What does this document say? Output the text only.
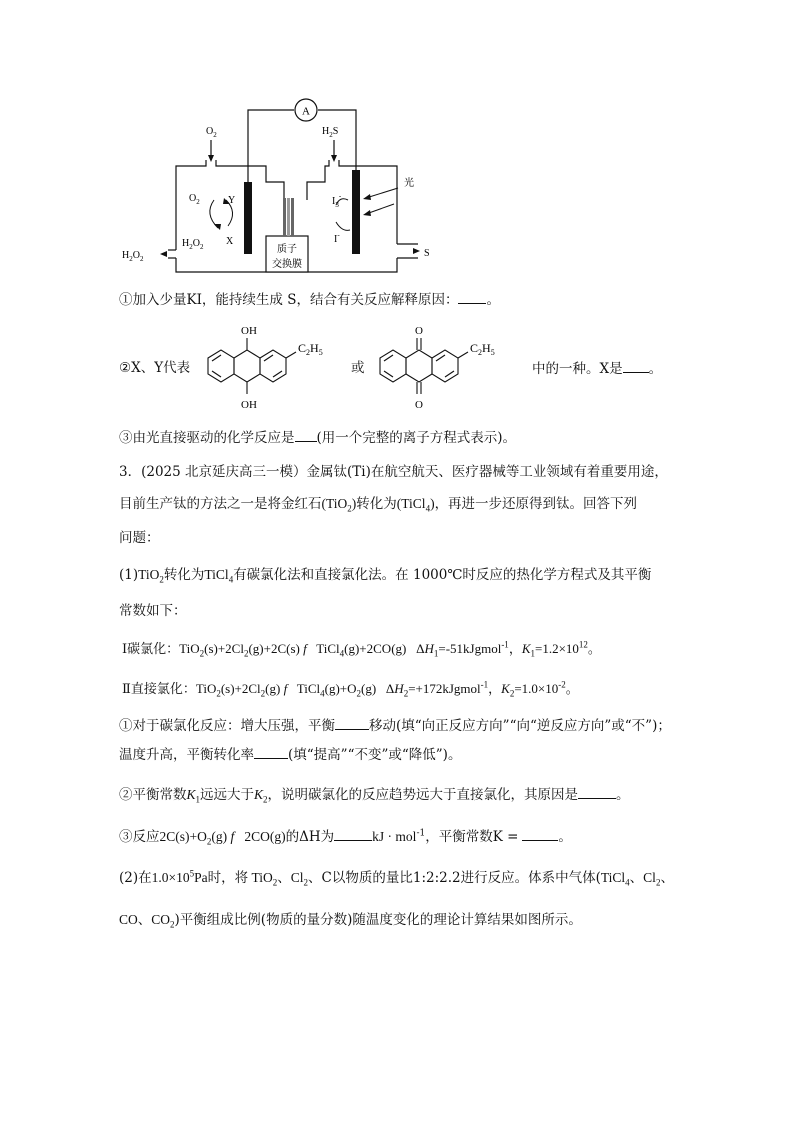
A
$O_2$	$H_2S$
$O_2$	Y
X
$H_2O_2$
$H_2O_2$
$I_3^-$
I-
光
S
质子
交换膜
①加入少量KI，能持续生成 S，结合有关反应解释原因： 。
②X、Y代表
OH
OH
$C_2H_5$
或
O
O
$C_2H_5$
中的一种。X是 。
③由光直接驱动的化学反应是 (用一个完整的离子方程式表示)。
3．(2025 北京延庆高三一模）金属钛(Ti)在航空航天、医疗器械等工业领域有着重要用途，
目前生产钛的方法之一是将金红石(TiO$_2$)转化为(TiCl$_4$)，再进一步还原得到钛。回答下列
问题：
(1)TiO$_2$转化为TiCl$_4$有碳氯化法和直接氯化法。在 1000℃时反应的热化学方程式及其平衡
常数如下：
Ⅰ碳氯化：$TiO_2(s)+2Cl_2(g)+2C(s)$ f   TiCl$_4$(g)+2CO(g)   $\Delta H_1=-51kJgmol^{-1}$，$K_1=1.2\times 10^{12}$。
Ⅱ直接氯化：$TiO_2(s)+2Cl_2(g)$ f   $TiCl_4(g)+O_2(g)$   $\Delta H_2=+172kJgmol^{-1}$，$K_2=1.0\times 10^{-2}$。
①对于碳氯化反应：增大压强，平衡	移动(填“向正反应方向”“向“逆反应方向”或“不”)；
温度升高，平衡转化率	(填“提高”“不变”或“降低”)。
②平衡常数$K_1$远远大于$K_2$，说明碳氯化的反应趋势远大于直接氯化，其原因是	。
③反应$2C(s)+O_2(g)$ f   2CO(g)的ΔH为	kJ · mol$^{-1}$，平衡常数K =	。
(2)在$1.0\times 10^5Pa$时，将 TiO$_2$、$Cl_2$、C以物质的量比1:2:2.2进行反应。体系中气体(TiCl$_4$、$Cl_2$、
CO、$CO_2$)平衡组成比例(物质的量分数)随温度变化的理论计算结果如图所示。
